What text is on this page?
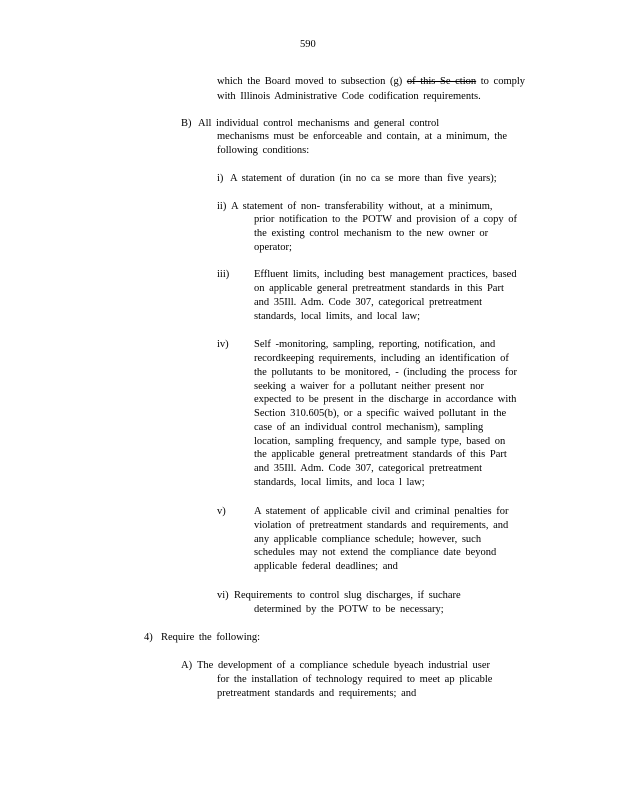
590
which the Board moved to subsection (g) of this Se ction to comply
with Illinois Administrative Code codification requirements.
B) All individual control mechanisms and general control
mechanisms must be enforceable and contain, at a minimum, the
following conditions:
i) A statement of duration (in no ca se more than five years);
ii) A statement of non- transferability without, at a minimum,
prior notification to the POTW and provision of a copy of
the existing control mechanism to the new owner or
operator;
iii) Effluent limits, including best management practices, based
on applicable general pretreatment standards in this Part
and 35Ill. Adm. Code 307, categorical pretreatment
standards, local limits, and local law;
iv) Self -monitoring, sampling, reporting, notification, and
recordkeeping requirements, including an identification of
the pollutants to be monitored, - (including the process for
seeking a waiver for a pollutant neither present nor
expected to be present in the discharge in accordance with
Section 310.605(b), or a specific waived pollutant in the
case of an individual control mechanism), sampling
location, sampling frequency, and sample type, based on
the applicable general pretreatment standards of this Part
and 35Ill. Adm. Code 307, categorical pretreatment
standards, local limits, and loca l law;
v)	A statement of applicable civil and criminal penalties for
violation of pretreatment standards and requirements, and
any applicable compliance schedule; however, such
schedules may not extend the compliance date beyond
applicable federal deadlines; and
vi) Requirements to control slug discharges, if suchare
determined by the POTW to be necessary;
4) Require the following:
A) The development of a compliance schedule byeach industrial user
for the installation of technology required to meet ap plicable
pretreatment standards and requirements; and
